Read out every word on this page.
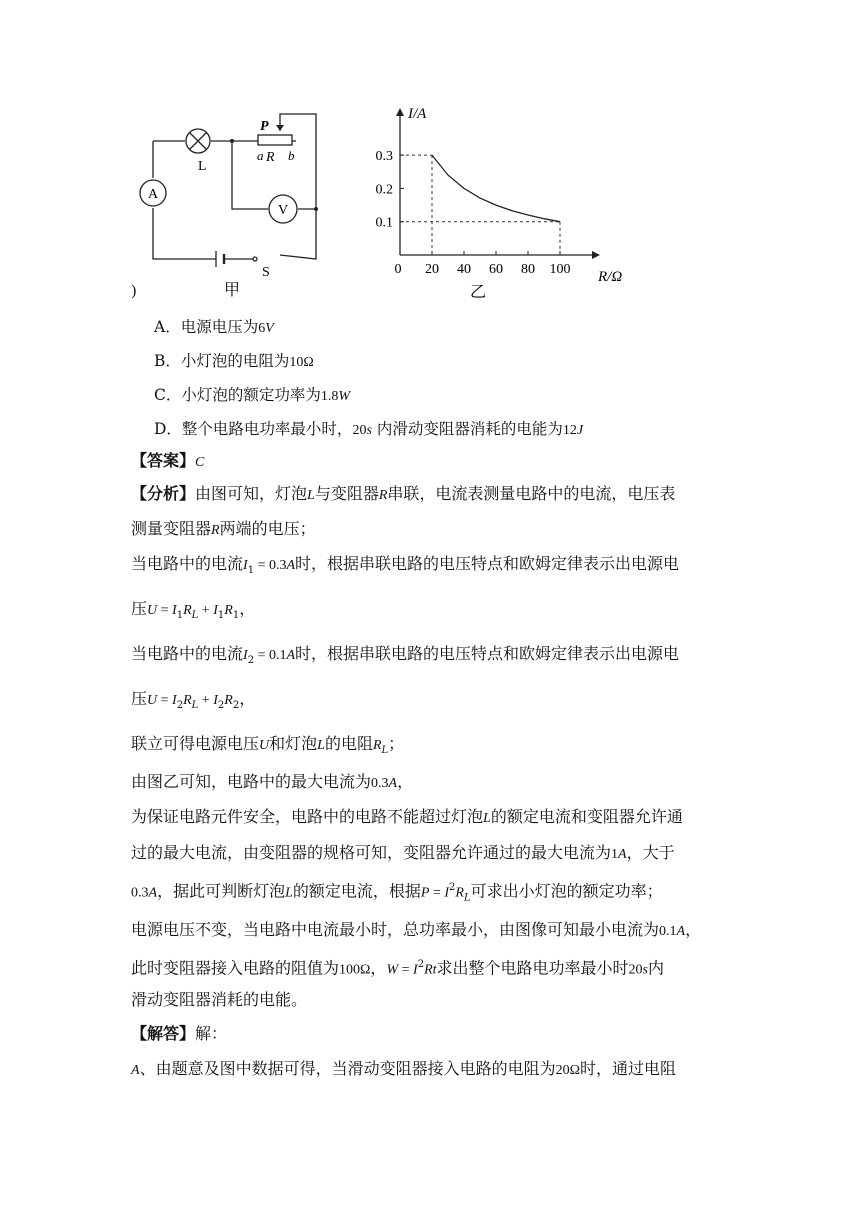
A
V
L
P
a R b
S
甲
0 20 40 60 80 100
0.1
0.2
0.3
I/A
R/Ω
乙
)
A．电源电压为6V
B．小灯泡的电阻为10Ω
C．小灯泡的额定功率为1.8W
D．整个电路电功率最小时，20s 内滑动变阻器消耗的电能为12J
【答案】C
【分析】由图可知，灯泡L与变阻器R串联，电流表测量电路中的电流，电压表
测量变阻器R两端的电压；
当电路中的电流$I_1 = 0.3A$时，根据串联电路的电压特点和欧姆定律表示出电源电
压$U = I_1R_L + I_1R_1$，
当电路中的电流$I_2 = 0.1A$时，根据串联电路的电压特点和欧姆定律表示出电源电
压$U = I_2R_L + I_2R_2$，
联立可得电源电压U和灯泡L的电阻$R_L$；
由图乙可知，电路中的最大电流为0.3A，
为保证电路元件安全，电路中的电路不能超过灯泡L的额定电流和变阻器允许通
过的最大电流，由变阻器的规格可知，变阻器允许通过的最大电流为1A，大于
0.3A，据此可判断灯泡L的额定电流，根据$P = I^2R_L$可求出小灯泡的额定功率；
电源电压不变，当电路中电流最小时，总功率最小，由图像可知最小电流为0.1A，
此时变阻器接入电路的阻值为100Ω，$W = I^2Rt$求出整个电路电功率最小时20s内
滑动变阻器消耗的电能。
【解答】解：
A、由题意及图中数据可得，当滑动变阻器接入电路的电阻为20Ω时，通过电阻
